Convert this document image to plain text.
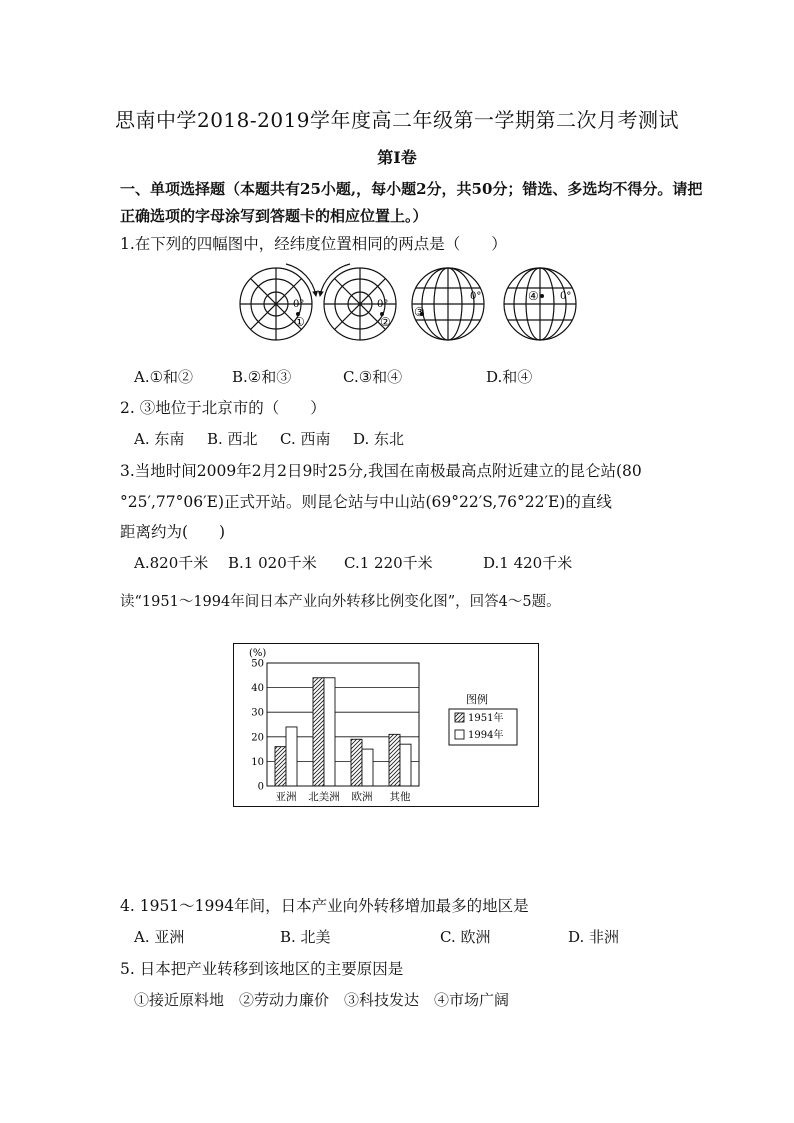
思南中学2018-2019学年度高二年级第一学期第二次月考测试
第Ⅰ卷
一、单项选择题（本题共有25小题,，每小题2分，共50分；错选、多选均不得分。请把
正确选项的字母涂写到答题卡的相应位置上。）
1.在下列的四幅图中，经纬度位置相同的两点是（　　）
0°
①
0°
②
0°
③
④ 0°
A.①和②	B.②和③	C.③和④	D.和④
2. ③地位于北京市的（　　）
A. 东南 B. 西北 C. 西南 D. 东北
3.当地时间2009年2月2日9时25分,我国在南极最高点附近建立的昆仑站(80
°25′,77°06′E)正式开站。则昆仑站与中山站(69°22′S,76°22′E)的直线
距离约为(　　)
A.820千米 B.1 020千米 C.1 220千米	D.1 420千米
读“1951～1994年间日本产业向外转移比例变化图”，回答4～5题。
0
10
20
30
40
50
亚洲 北美洲 欧洲 其他
(%)
图例
1951年
1994年
4. 1951～1994年间，日本产业向外转移增加最多的地区是
A. 亚洲	B. 北美	C. 欧洲	D. 非洲
5. 日本把产业转移到该地区的主要原因是
①接近原料地　②劳动力廉价　③科技发达　④市场广阔
